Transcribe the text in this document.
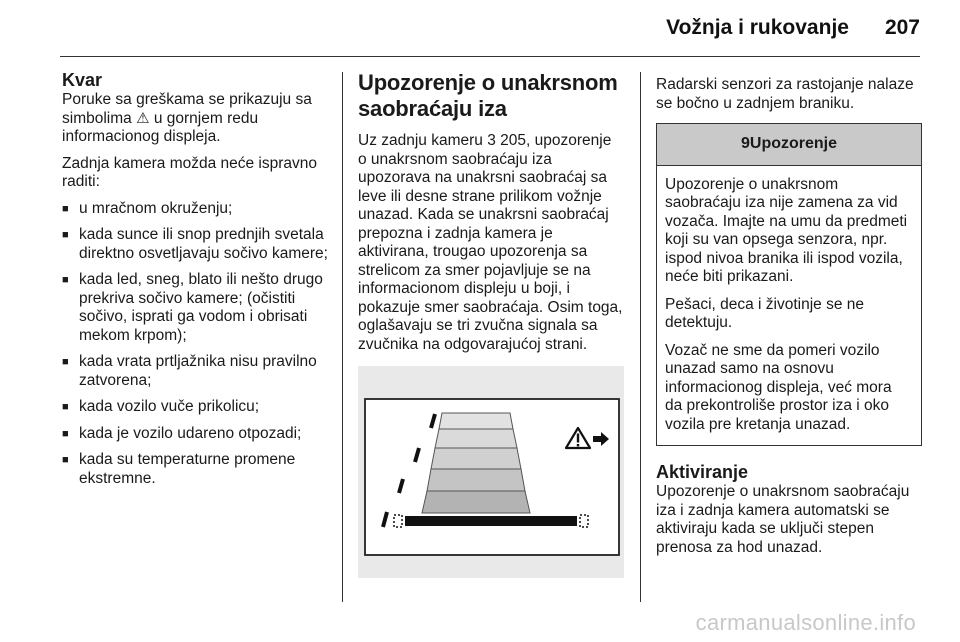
Vožnja i rukovanje 207
Kvar

Poruke sa greškama se prikazuju sa simbolima ⚠ u gornjem redu informacionog displeja.

Zadnja kamera možda neće ispravno raditi:

■ u mračnom okruženju;
■ kada sunce ili snop prednjih svetala direktno osvetljavaju sočivo kamere;
■ kada led, sneg, blato ili nešto drugo prekriva sočivo kamere; (očistiti sočivo, isprati ga vodom i obrisati mekom krpom);
■ kada vrata prtljažnika nisu pravilno zatvorena;
■ kada vozilo vuče prikolicu;
■ kada je vozilo udareno otpozadi;
■ kada su temperaturne promene ekstremne.
Upozorenje o unakrsnom saobraćaju iza

Uz zadnju kameru 3 205, upozorenje o unakrsnom saobraćaju iza upozorava na unakrsni saobraćaj sa leve ili desne strane prilikom vožnje unazad. Kada se unakrsni saobraćaj prepozna i zadnja kamera je aktivirana, trougao upozorenja sa strelicom za smer pojavljuje se na informacionom displeju u boji, i pokazuje smer saobraćaja. Osim toga, oglašavaju se tri zvučna signala sa zvučnika na odgovarajućoj strani.

Radarski senzori za rastojanje nalaze se bočno u zadnjem braniku.

9Upozorenje

Upozorenje o unakrsnom saobraćaju iza nije zamena za vid vozača. Imajte na umu da predmeti koji su van opsega senzora, npr. ispod nivoa branika ili ispod vozila, neće biti prikazani.

Pešaci, deca i životinje se ne detektuju.

Vozač ne sme da pomeri vozilo unazad samo na osnovu informacionog displeja, već mora da prekontroliše prostor iza i oko vozila pre kretanja unazad.

Aktiviranje

Upozorenje o unakrsnom saobraćaju iza i zadnja kamera automatski se aktiviraju kada se uključi stepen prenosa za hod unazad.

carmanualsonline.info
